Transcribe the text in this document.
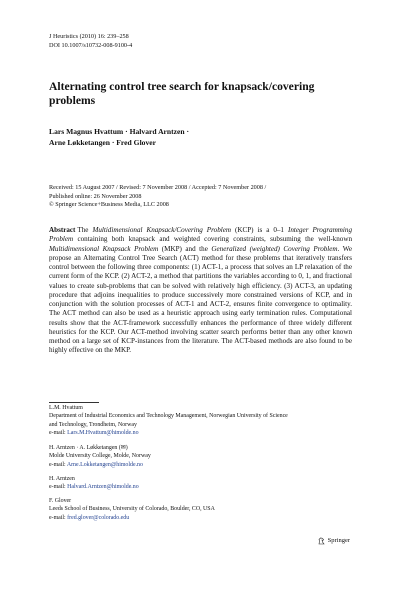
J Heuristics (2010) 16: 239–258
DOI 10.1007/s10732-008-9100-4
Alternating control tree search for knapsack/covering problems
Lars Magnus Hvattum · Halvard Arntzen ·
Arne Løkketangen · Fred Glover
Received: 15 August 2007 / Revised: 7 November 2008 / Accepted: 7 November 2008 /
Published online: 26 November 2008
© Springer Science+Business Media, LLC 2008
Abstract The Multidimensional Knapsack/Covering Problem (KCP) is a 0–1 Integer Programming Problem containing both knapsack and weighted covering constraints, subsuming the well-known Multidimensional Knapsack Problem (MKP) and the Generalized (weighted) Covering Problem. We propose an Alternating Control Tree Search (ACT) method for these problems that iteratively transfers control between the following three components: (1) ACT-1, a process that solves an LP relaxation of the current form of the KCP. (2) ACT-2, a method that partitions the variables according to 0, 1, and fractional values to create sub-problems that can be solved with relatively high efficiency. (3) ACT-3, an updating procedure that adjoins inequalities to produce successively more constrained versions of KCP, and in conjunction with the solution processes of ACT-1 and ACT-2, ensures finite convergence to optimality. The ACT method can also be used as a heuristic approach using early termination rules. Computational results show that the ACT-framework successfully enhances the performance of three widely different heuristics for the KCP. Our ACT-method involving scatter search performs better than any other known method on a large set of KCP-instances from the literature. The ACT-based methods are also found to be highly effective on the MKP.
L.M. Hvattum
Department of Industrial Economics and Technology Management, Norwegian University of Science
and Technology, Trondheim, Norway
e-mail: Lars.M.Hvattum@himolde.no
H. Arntzen · A. Løkketangen (✉)
Molde University College, Molde, Norway
e-mail: Arne.Lokketangen@himolde.no
H. Arntzen
e-mail: Halvard.Arntzen@himolde.no
F. Glover
Leeds School of Business, University of Colorado, Boulder, CO, USA
e-mail: fred.glover@colorado.edu
Springer
